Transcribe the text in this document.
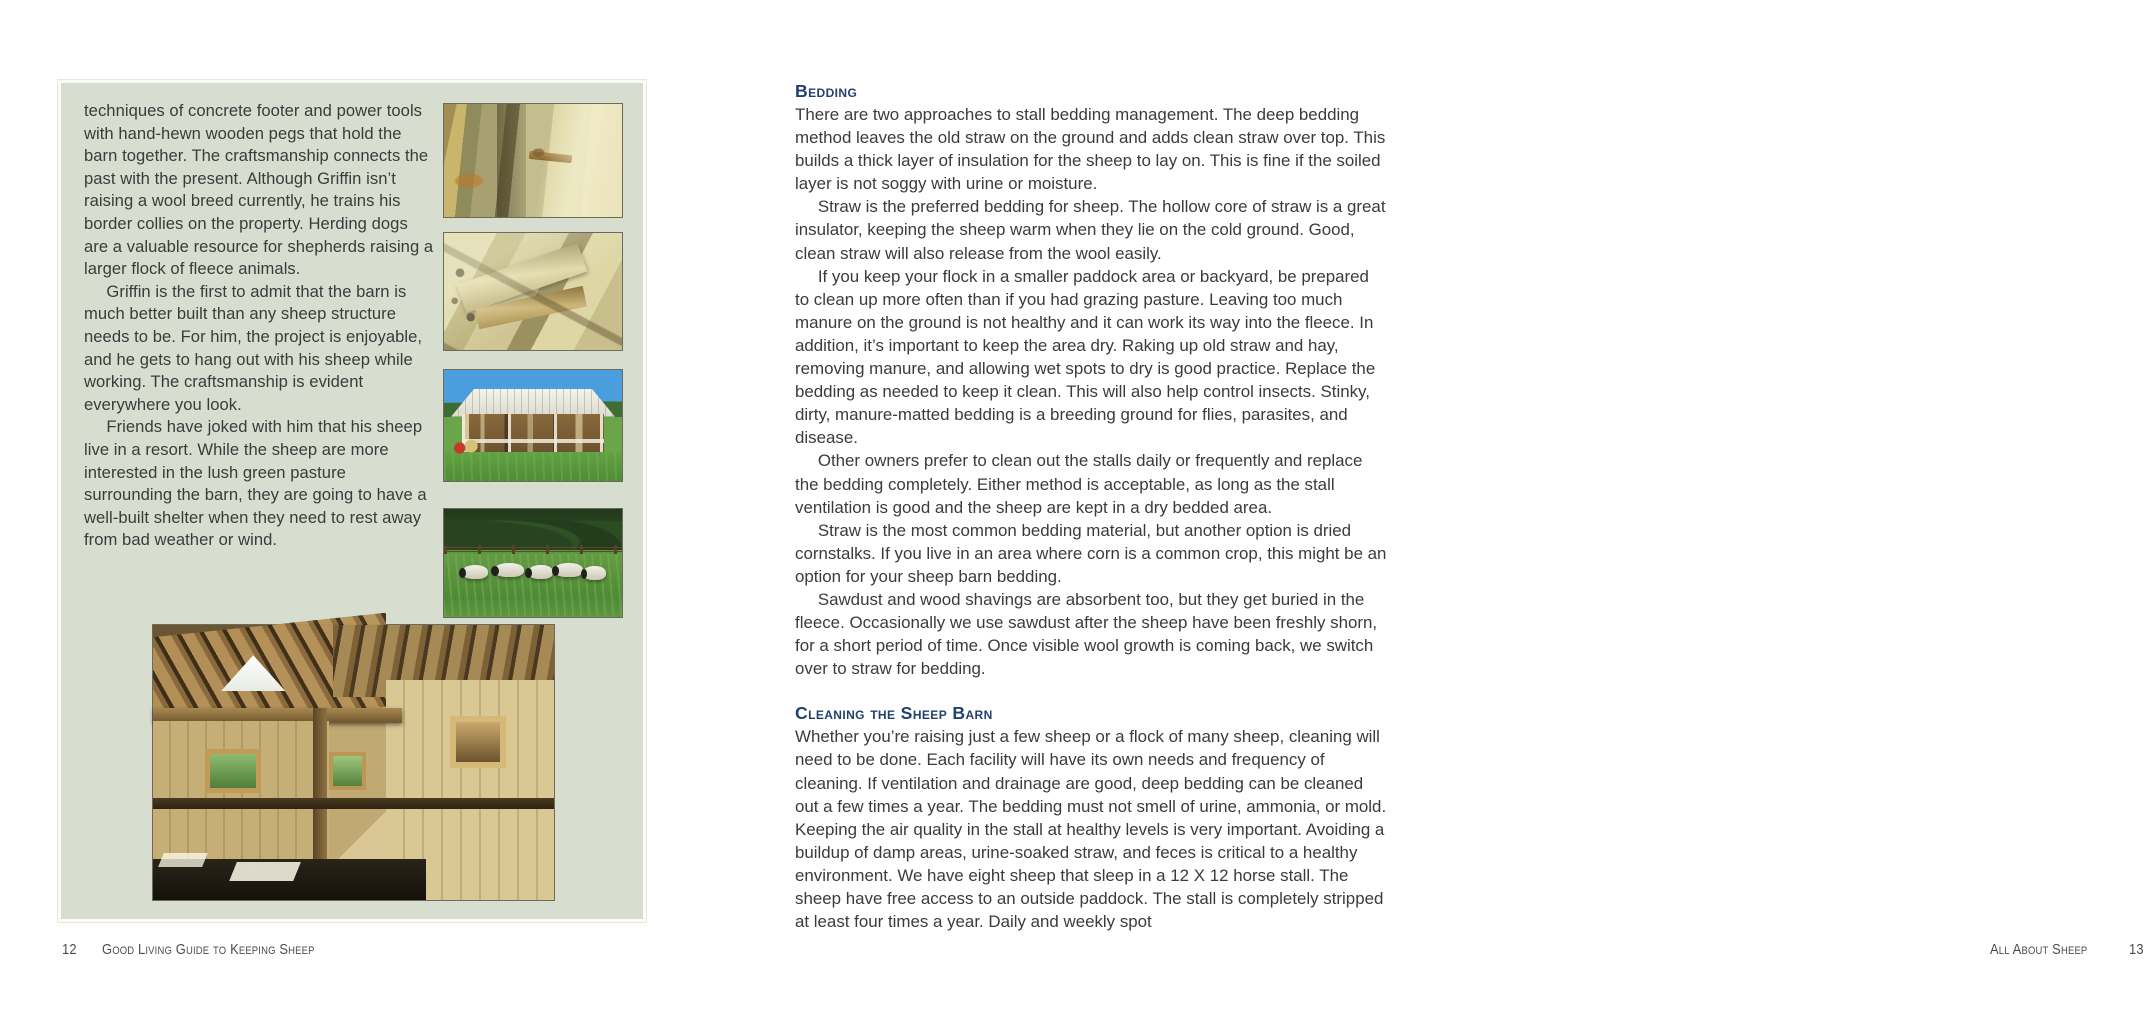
techniques of concrete footer and power tools with hand-hewn wooden pegs that hold the barn together. The craftsmanship connects the past with the present. Although Griffin isn’t raising a wool breed currently, he trains his border collies on the property. Herding dogs are a valuable resource for shepherds raising a larger flock of fleece animals.

Griffin is the first to admit that the barn is much better built than any sheep structure needs to be. For him, the project is enjoyable, and he gets to hang out with his sheep while working. The craftsmanship is evident everywhere you look.

Friends have joked with him that his sheep live in a resort. While the sheep are more interested in the lush green pasture surrounding the barn, they are going to have a well-built shelter when they need to rest away from bad weather or wind.

12 Good Living Guide to Keeping Sheep
Bedding

There are two approaches to stall bedding management. The deep bedding method leaves the old straw on the ground and adds clean straw over top. This builds a thick layer of insulation for the sheep to lay on. This is fine if the soiled layer is not soggy with urine or moisture.

Straw is the preferred bedding for sheep. The hollow core of straw is a great insulator, keeping the sheep warm when they lie on the cold ground. Good, clean straw will also release from the wool easily.

If you keep your flock in a smaller paddock area or backyard, be prepared to clean up more often than if you had grazing pasture. Leaving too much manure on the ground is not healthy and it can work its way into the fleece. In addition, it’s important to keep the area dry. Raking up old straw and hay, removing manure, and allowing wet spots to dry is good practice. Replace the bedding as needed to keep it clean. This will also help control insects. Stinky, dirty, manure-matted bedding is a breeding ground for flies, parasites, and disease.

Other owners prefer to clean out the stalls daily or frequently and replace the bedding completely. Either method is acceptable, as long as the stall ventilation is good and the sheep are kept in a dry bedded area.

Straw is the most common bedding material, but another option is dried cornstalks. If you live in an area where corn is a common crop, this might be an option for your sheep barn bedding.

Sawdust and wood shavings are absorbent too, but they get buried in the fleece. Occasionally we use sawdust after the sheep have been freshly shorn, for a short period of time. Once visible wool growth is coming back, we switch over to straw for bedding.

Cleaning the Sheep Barn

Whether you’re raising just a few sheep or a flock of many sheep, cleaning will need to be done. Each facility will have its own needs and frequency of cleaning. If ventilation and drainage are good, deep bedding can be cleaned out a few times a year. The bedding must not smell of urine, ammonia, or mold. Keeping the air quality in the stall at healthy levels is very important. Avoiding a buildup of damp areas, urine-soaked straw, and feces is critical to a healthy environment. We have eight sheep that sleep in a 12 X 12 horse stall. The sheep have free access to an outside paddock. The stall is completely stripped at least four times a year. Daily and weekly spot

All About Sheep	13
